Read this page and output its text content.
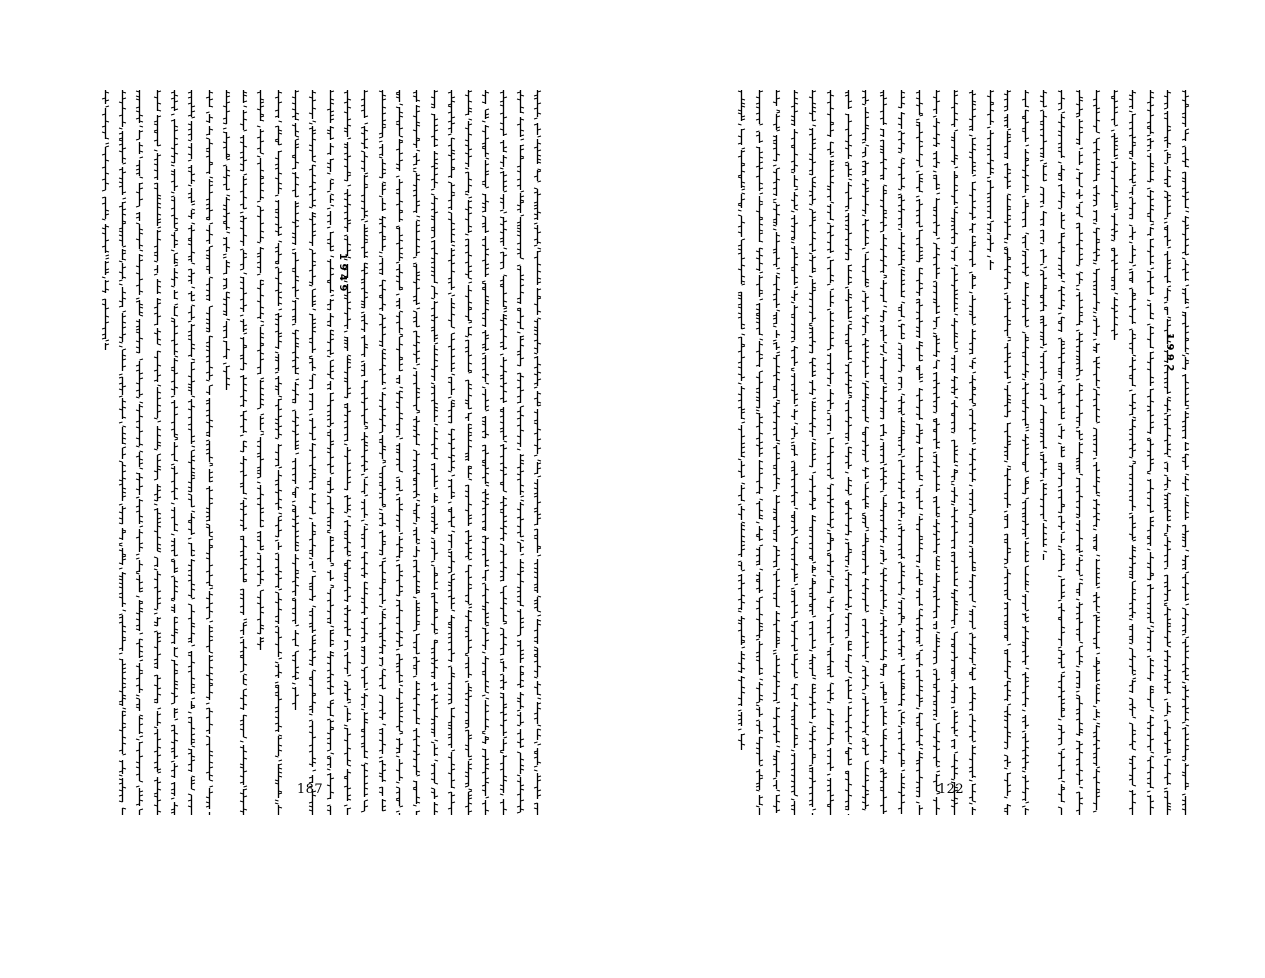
1 9 4 9
187
1 9 9 2
122
